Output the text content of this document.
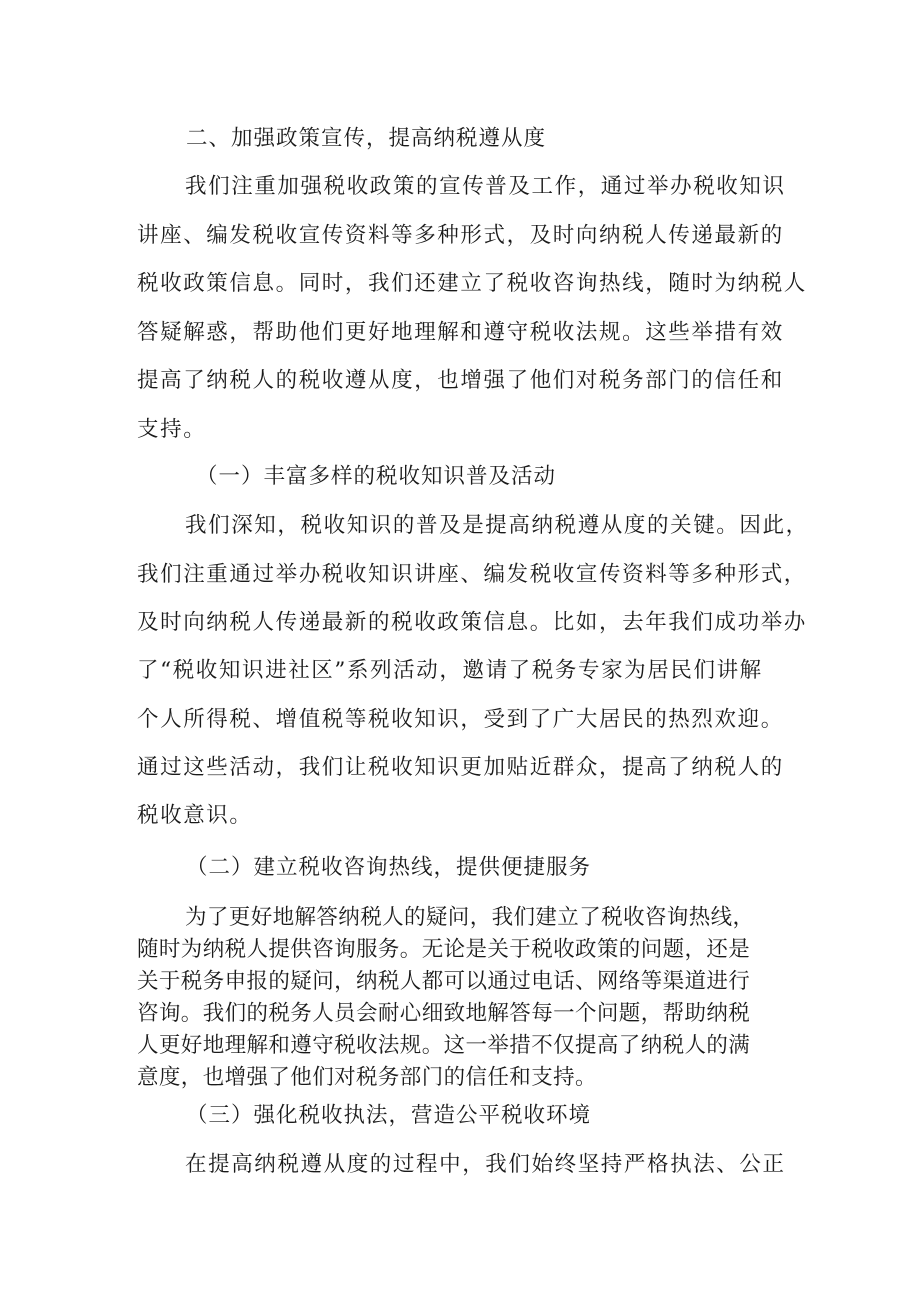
二、加强政策宣传，提高纳税遵从度
我们注重加强税收政策的宣传普及工作，通过举办税收知识
讲座、编发税收宣传资料等多种形式，及时向纳税人传递最新的
税收政策信息。同时，我们还建立了税收咨询热线，随时为纳税人
答疑解惑，帮助他们更好地理解和遵守税收法规。这些举措有效
提高了纳税人的税收遵从度，也增强了他们对税务部门的信任和
支持。
（一）丰富多样的税收知识普及活动
我们深知，税收知识的普及是提高纳税遵从度的关键。因此，
我们注重通过举办税收知识讲座、编发税收宣传资料等多种形式，
及时向纳税人传递最新的税收政策信息。比如，去年我们成功举办
了“税收知识进社区”系列活动，邀请了税务专家为居民们讲解
个人所得税、增值税等税收知识，受到了广大居民的热烈欢迎。
通过这些活动，我们让税收知识更加贴近群众，提高了纳税人的
税收意识。
（二）建立税收咨询热线，提供便捷服务
为了更好地解答纳税人的疑问，我们建立了税收咨询热线，
随时为纳税人提供咨询服务。无论是关于税收政策的问题，还是
关于税务申报的疑问，纳税人都可以通过电话、网络等渠道进行
咨询。我们的税务人员会耐心细致地解答每一个问题，帮助纳税
人更好地理解和遵守税收法规。这一举措不仅提高了纳税人的满
意度，也增强了他们对税务部门的信任和支持。
（三）强化税收执法，营造公平税收环境
在提高纳税遵从度的过程中，我们始终坚持严格执法、公正
